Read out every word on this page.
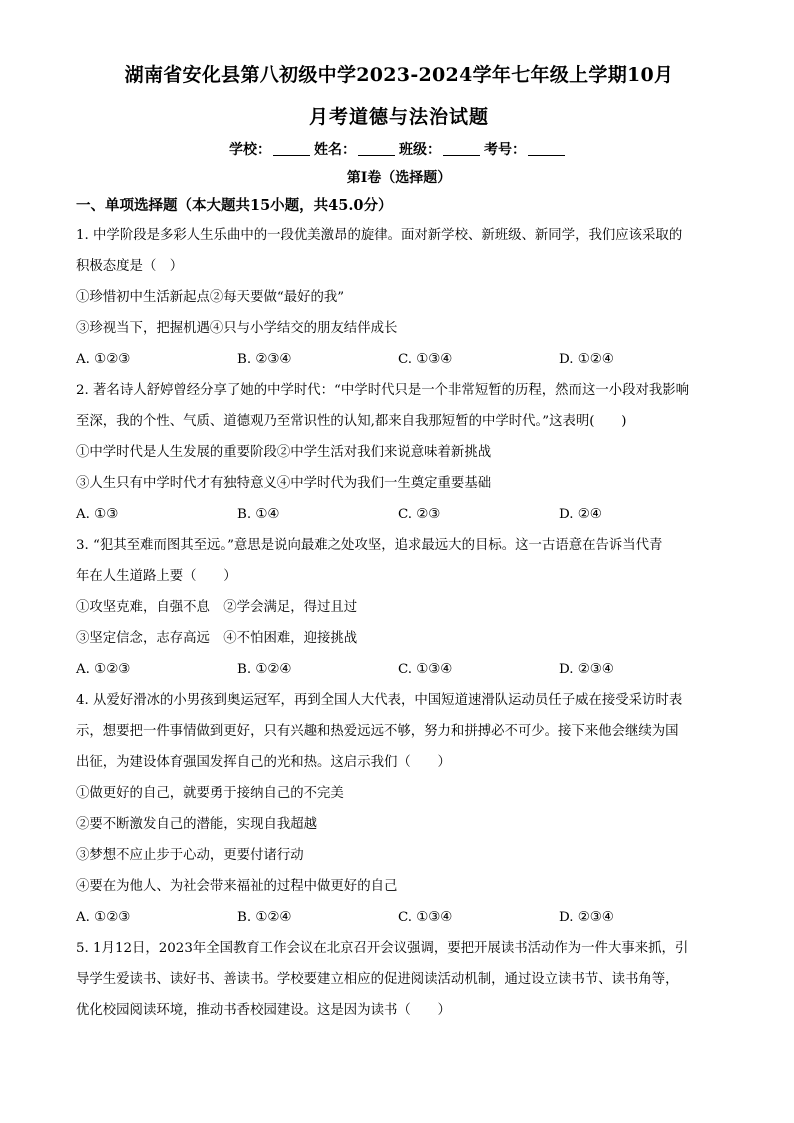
湖南省安化县第八初级中学2023-2024学年七年级上学期10月
月考道德与法治试题
学校：	姓名：	班级：	考号：
第Ⅰ卷（选择题）
一、单项选择题（本大题共15小题，共45.0分）
1. 中学阶段是多彩人生乐曲中的一段优美激昂的旋律。面对新学校、新班级、新同学，我们应该采取的
积极态度是（　）
①珍惜初中生活新起点②每天要做“最好的我”
③珍视当下，把握机遇④只与小学结交的朋友结伴成长
A. ①②③	B. ②③④	C. ①③④	D. ①②④
2. 著名诗人舒婷曾经分享了她的中学时代：“中学时代只是一个非常短暂的历程，然而这一小段对我影响
至深，我的个性、气质、道德观乃至常识性的认知,都来自我那短暂的中学时代。”这表明(　　)
①中学时代是人生发展的重要阶段②中学生活对我们来说意味着新挑战
③人生只有中学时代才有独特意义④中学时代为我们一生奠定重要基础
A. ①③	B. ①④	C. ②③	D. ②④
3. “犯其至难而图其至远。”意思是说向最难之处攻坚，追求最远大的目标。这一古语意在告诉当代青
年在人生道路上要（　　）
①攻坚克难，自强不息　②学会满足，得过且过
③坚定信念，志存高远　④不怕困难，迎接挑战
A. ①②③	B. ①②④	C. ①③④	D. ②③④
4. 从爱好滑冰的小男孩到奥运冠军，再到全国人大代表，中国短道速滑队运动员任子威在接受采访时表
示，想要把一件事情做到更好，只有兴趣和热爱远远不够，努力和拼搏必不可少。接下来他会继续为国
出征，为建设体育强国发挥自己的光和热。这启示我们（　　）
①做更好的自己，就要勇于接纳自己的不完美
②要不断激发自己的潜能，实现自我超越
③梦想不应止步于心动，更要付诸行动
④要在为他人、为社会带来福祉的过程中做更好的自己
A. ①②③	B. ①②④	C. ①③④	D. ②③④
5. 1月12日，2023年全国教育工作会议在北京召开会议强调，要把开展读书活动作为一件大事来抓，引
导学生爱读书、读好书、善读书。学校要建立相应的促进阅读活动机制，通过设立读书节、读书角等，
优化校园阅读环境，推动书香校园建设。这是因为读书（　　）
